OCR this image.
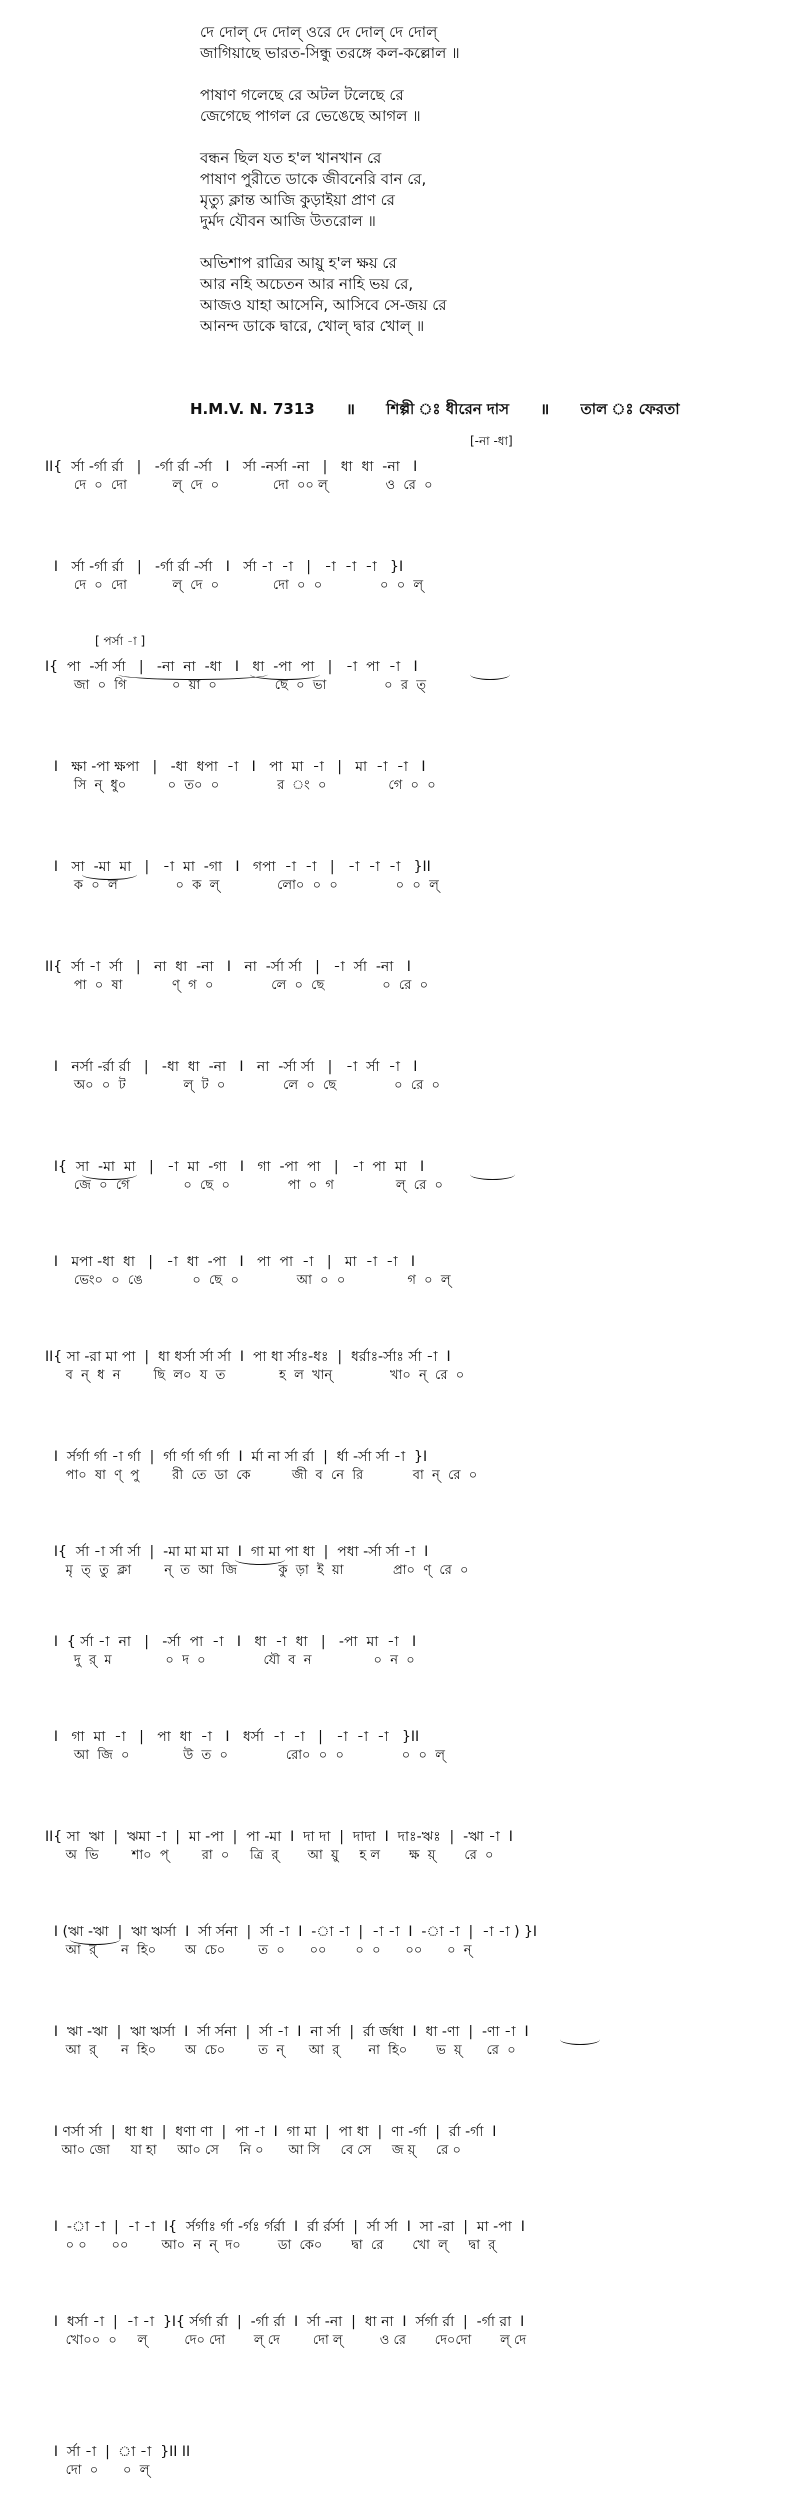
দে দোল্ দে দোল্ ওরে দে দোল্ দে দোল্
জাগিয়াছে ভারত-সিন্ধু তরঙ্গে কল-কল্লোল ॥
পাষাণ গলেছে রে অটল টলেছে রে
জেগেছে পাগল রে ভেঙেছে আগল ॥
বন্ধন ছিল যত হ'ল খানখান রে
পাষাণ পুরীতে ডাকে জীবনেরি বান রে,
মৃত্যু ক্লান্ত আজি কুড়াইয়া প্রাণ রে
দুর্মদ যৌবন আজি উতরোল ॥
অভিশাপ রাত্রির আয়ু হ'ল ক্ষয় রে
আর নহি অচেতন আর নাহি ভয় রে,
আজও যাহা আসেনি, আসিবে সে-জয় রে
আনন্দ ডাকে দ্বারে, খোল্ দ্বার খোল্ ॥
H.M.V. N. 7313 ॥ শিল্পী ঃ ধীরেন দাস ॥ তাল ঃ ফেরতা
[-না -ধা]
II{  র্সা -র্গা র্রা   |   -র্গা র্রা -র্সা   I   র্সা -নর্সা -না   |   ধা  ধা  -না   I
দে  ০  দো           ল্  দে  ০             দো  ০০ ল্              ও  রে  ০
I   র্সা -র্গা র্রা   |   -র্গা র্রা -র্সা   I   র্সা -া  -া   |   -া  -া  -া   }I
দে  ০  দো           ল্  দে  ০             দো  ০  ০              ০  ০  ল্
[ পর্সা -া ]
I{  পা  -র্সা র্সা   |   -না  না  -ধা   I   ধা  -পা  পা   |   -া  পা  -া   I
জা  ০  গি           ০  য়া  ০              ছে  ০  ভা              ০  র  ত্
I   ক্ষা -পা ক্ষপা   |   -ধা  ধপা  -া   I   পা  মা  -া   |   মা  -া  -া   I
সি  ন্  ধু০          ০  ত০  ০              র  ং  ০               গে  ০  ০
I   সা  -মা  মা   |   -া  মা  -গা   I   গপা  -া  -া   |   -া  -া  -া   }II
ক  ০  ল              ০  ক  ল্              লো০  ০  ০              ০  ০  ল্
II{  র্সা -া  র্সা   |   না  ধা  -না   I   না  -র্সা র্সা   |   -া  র্সা  -না   I
পা  ০  ষা            ণ্  গ  ০              লে  ০  ছে              ০  রে  ০
I   নর্সা -র্রা র্রা   |   -ধা  ধা  -না   I   না  -র্সা র্সা   |   -া  র্সা  -া   I
অ০  ০  ট              ল্  ট  ০              লে  ০  ছে              ০  রে  ০
I{  সা  -মা  মা   |   -া  মা  -গা   I   গা  -পা  পা   |   -া  পা  মা   I
জে  ০  গে             ০  ছে  ০              পা  ০  গ               ল্  রে  ০
I   মপা -ধা  ধা   |   -া  ধা  -পা   I   পা  পা  -া   |   মা  -া  -া   I
ভেং০  ০  ঙে            ০  ছে  ০              আ  ০  ০               গ  ০  ল্
II{ সা -রা মা পা  |  ধা ধর্সা র্সা র্সা  I  পা ধা র্সাঃ-ধঃ  |  ধর্রাঃ-র্সাঃ র্সা -া  I
ব  ন্  ধ  ন        ছি  ল০  য  ত             হ  ল  খান্              খা০  ন্  রে  ০
I  র্সর্গা র্গা -া র্গা  |  র্গা র্গা র্গা র্গা  I  র্মা না র্সা র্রা  |  র্ধা -র্সা র্সা -া  }I
পা০  ষা  ণ্  পু        রী  তে  ডা  কে          জী  ব  নে  রি            বা  ন্  রে  ০
I{  র্সা -া র্সা র্সা  |  -মা মা মা মা  I  গা মা পা ধা  |  পধা -র্সা র্সা -া  I
মৃ  ত্  তু  ক্লা        ন্  ত  আ  জি          কু  ড়া  ই  য়া            প্রা০  ণ্  রে  ০
I  { র্সা -া  না   |   -র্সা  পা  -া   I   ধা  -া  ধা   |   -পা  মা  -া   I
দু  র্  ম             ০  দ  ০              যৌ  ব  ন               ০  ন  ০
I   গা  মা  -া   |   পা  ধা  -া   I   ধর্সা  -া  -া   |   -া  -া  -া   }II
আ  জি  ০             উ  ত  ০              রো০  ০  ০              ০  ০  ল্
II{ সা  ঋা  |  ঋমা -া  |  মা -পা  |  পা -মা  I  দা দা  |  দাদা  I  দাঃ-ঋঃ  |  -ঋা -া  I
অ  ভি        শা০  প্        রা  ০     ত্রি  র্       আ  য়ু     হ ল       ক্ষ  য়্       রে  ০
I (ঋা -ঋা  |  ঋা ঋর্সা  I  র্সা র্সনা  |  র্সা -া  I  -া -া  |  -া -া  I  -া -া  |  -া -া ) }I
আ  র্      ন  হি০       অ  চে০        ত  ০      ০০       ০  ০      ০০      ০  ন্
I  ঋা -ঋা  |  ঋা ঋর্সা  I  র্সা র্সনা  |  র্সা -া  I  না র্সা  |  র্রা র্জধা  I  ধা -ণা  |  -ণা -া  I
আ  র্      ন  হি০       অ  চে০        ত  ন্      আ  র্       না  হি০       ভ  য়্      রে  ০
I ণর্সা র্সা  |  ধা ধা  |  ধণা ণা  |  পা -া  I  গা মা  |  পা ধা  |  ণা -র্গা  |  র্রা -র্গা  I
আ০ জো     যা হা     আ০ সে     নি ০      আ সি     বে সে     জ য়্     রে ০
I  -া -া  |  -া -া  I{  র্সর্গাঃ র্গা -র্গঃ র্গর্রা  I  র্রা র্রর্সা  |  র্সা র্সা  I  সা -রা  |  মা -পা  I
০ ০      ০০        আ০  ন  ন্  দ০         ডা  কে০       দ্বা  রে       খো  ল্     দ্বা  র্
I  ধর্সা -া  |  -া -া  }I{ র্সর্গা র্রা  |  -র্গা র্রা  I  র্সা -না  |  ধা না  I  র্সর্গা র্রা  |  -র্গা রা  I
খো০০  ০     ল্         দে০ দো       ল্ দে        দো ল্         ও রে       দে০দো       ল্ দে
I  র্সা -া  |  া -া  }II II
দো  ০      ০  ল্
